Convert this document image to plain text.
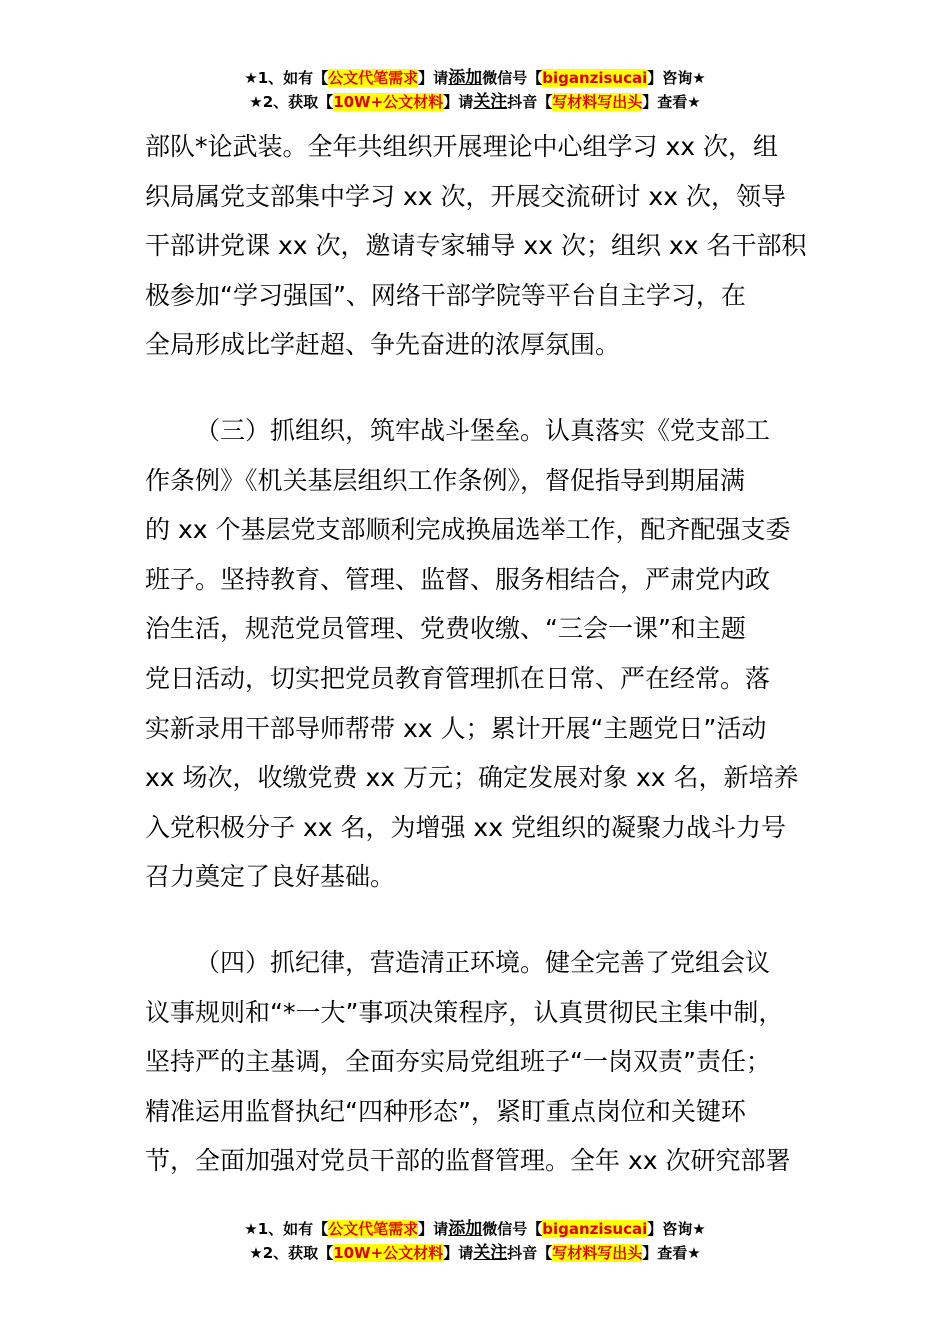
★1、如有【公文代笔需求】请添加微信号【biganzisucai】咨询★
★2、获取【10W+公文材料】请关注抖音【写材料写出头】查看★
部队*论武装。全年共组织开展理论中心组学习 xx 次，组
织局属党支部集中学习 xx 次，开展交流研讨 xx 次，领导
干部讲党课 xx 次，邀请专家辅导 xx 次；组织 xx 名干部积
极参加“学习强国”、网络干部学院等平台自主学习，在
全局形成比学赶超、争先奋进的浓厚氛围。
（三）抓组织，筑牢战斗堡垒。认真落实《党支部工
作条例》《机关基层组织工作条例》，督促指导到期届满
的 xx 个基层党支部顺利完成换届选举工作，配齐配强支委
班子。坚持教育、管理、监督、服务相结合，严肃党内政
治生活，规范党员管理、党费收缴、“三会一课”和主题
党日活动，切实把党员教育管理抓在日常、严在经常。落
实新录用干部导师帮带 xx 人；累计开展“主题党日”活动
xx 场次，收缴党费 xx 万元；确定发展对象 xx 名，新培养
入党积极分子 xx 名，为增强 xx 党组织的凝聚力战斗力号
召力奠定了良好基础。
（四）抓纪律，营造清正环境。健全完善了党组会议
议事规则和“*一大”事项决策程序，认真贯彻民主集中制，
坚持严的主基调，全面夯实局党组班子“一岗双责”责任；
精准运用监督执纪“四种形态”，紧盯重点岗位和关键环
节，全面加强对党员干部的监督管理。全年 xx 次研究部署
★1、如有【公文代笔需求】请添加微信号【biganzisucai】咨询★
★2、获取【10W+公文材料】请关注抖音【写材料写出头】查看★
